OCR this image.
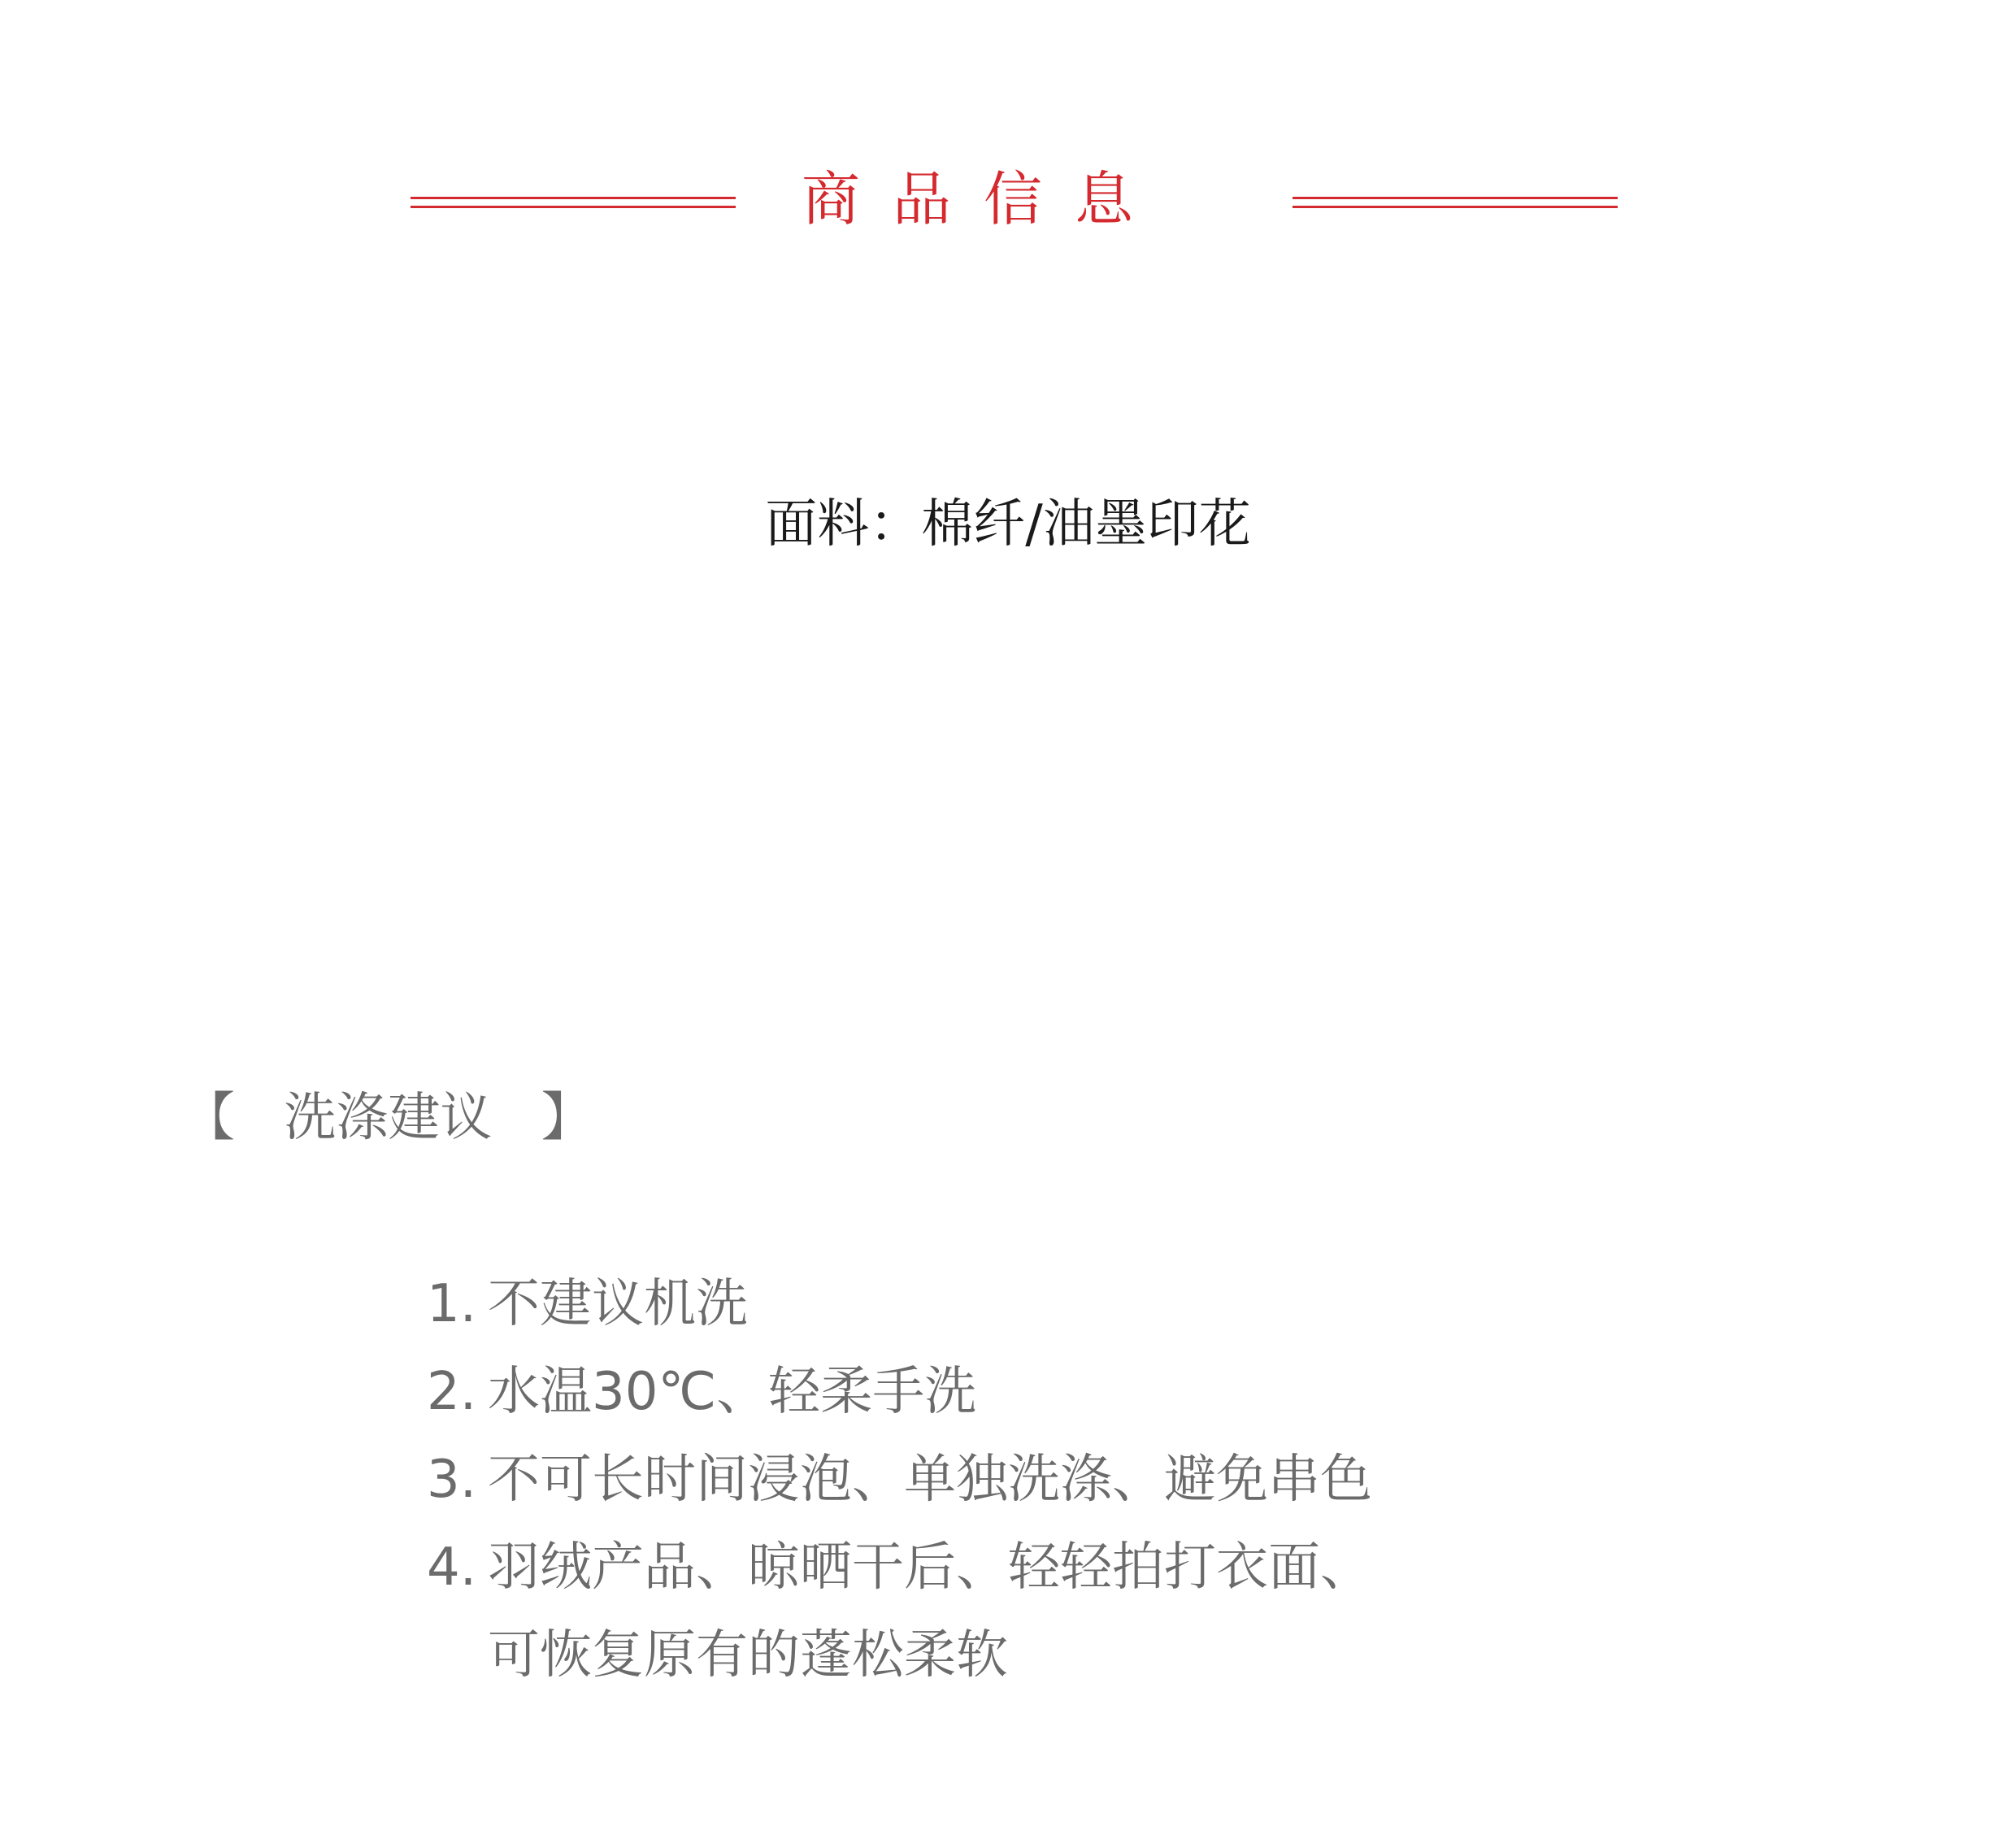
商品信息
面料：棉纤/油墨印花
【 洗涤建议 】
1. 不建议机洗
2. 水温30℃、轻柔手洗
3. 不可长时间浸泡、单独洗涤、避免串色
4. 羽绒产品、晾晒干后、轻轻拍打衣面、
可恢复原有的蓬松柔软
